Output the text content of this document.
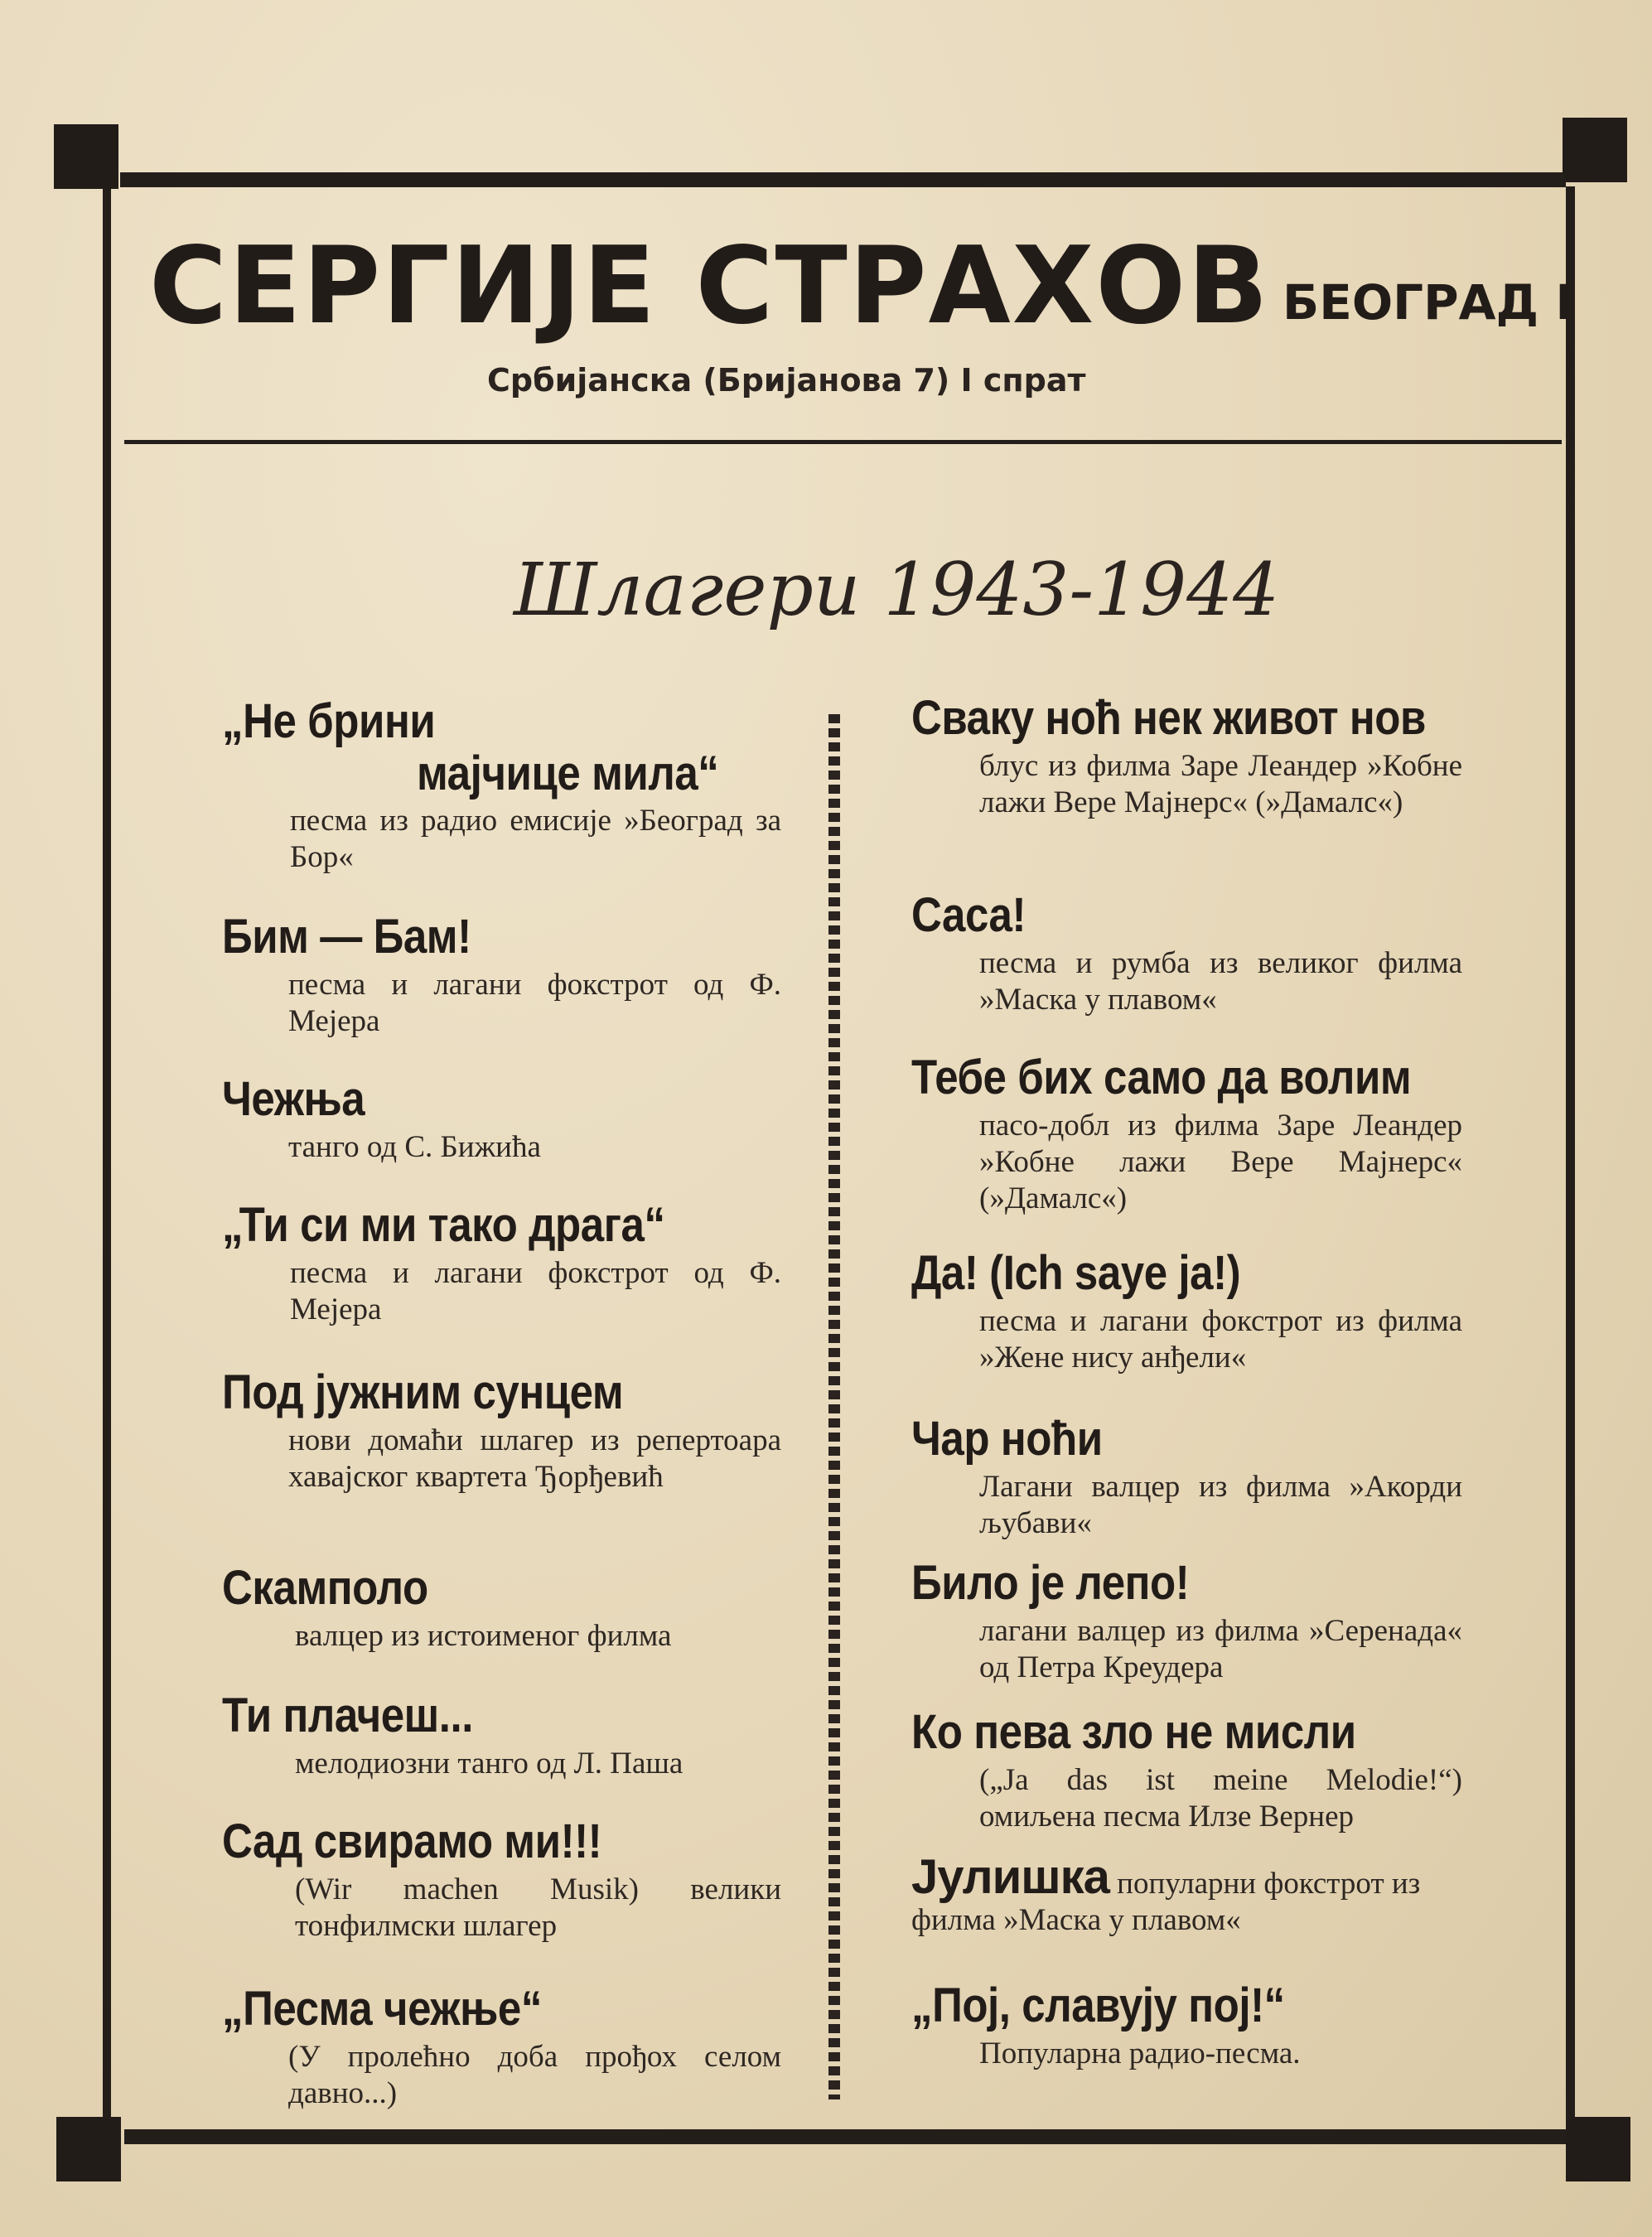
СЕРГИЈЕ СТРАХОВ БЕОГРАД I
Србијанска (Бријанова 7) I спрат
Шлагери 1943-1944
„Не брини
мајчице мила“
песма из радио емисије »Београд за Бор«
Бим — Бам!
песма и лагани фокстрот од Ф. Мејера
Чежња
танго од С. Бижића
„Ти си ми тако драга“
песма и лагани фокстрот од Ф. Мејера
Под јужним сунцем
нови домаћи шлагер из репертоара хавајског квартета Ђорђевић
Скамполо
валцер из истоименог филма
Ти плачеш...
мелодиозни танго од Л. Паша
Сад свирамо ми!!!
(Wir machen Musik) велики тонфилмски шлагер
„Песма чежње“
(У пролећно доба прођох селом давно...)
Сваку ноћ нек живот нов
блус из филма Заре Леандер »Кобне лажи Вере Мајнерс« (»Дамалс«)
Саса!
песма и румба из великог филма »Маска у плавом«
Тебе бих само да волим
пасо-добл из филма Заре Леандер »Кобне лажи Вере Мајнерс« (»Дамалс«)
Да! (Ich saye ja!)
песма и лагани фокстрот из филма »Жене нису анђели«
Чар ноћи
Лагани валцер из филма »Акорди љубави«
Било је лепо!
лагани валцер из филма »Серенада« од Петра Креудера
Ко пева зло не мисли
(„Ja das ist meine Melodie!“) омиљена песма Илзе Вернер
Јулишка популарни фокстрот из филма »Маска у плавом«
„Пој, славују пој!“
Популарна радио-песма.
